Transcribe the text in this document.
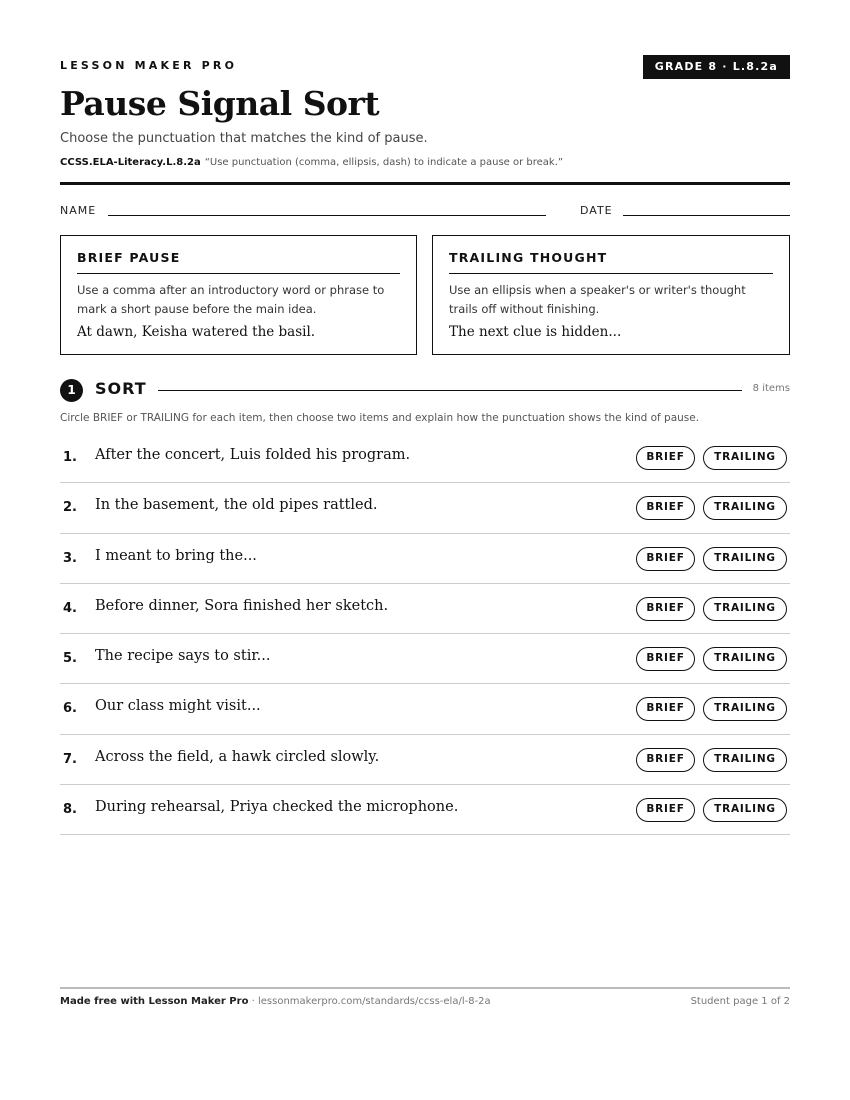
LESSON MAKER PRO	GRADE 8 · L.8.2a
Pause Signal Sort
Choose the punctuation that matches the kind of pause.
CCSS.ELA-Literacy.L.8.2a “Use punctuation (comma, ellipsis, dash) to indicate a pause or break.”
NAME	DATE
BRIEF PAUSE
Use a comma after an introductory word or phrase to mark a short pause before the main idea.
At dawn, Keisha watered the basil.
TRAILING THOUGHT
Use an ellipsis when a speaker's or writer's thought trails off without finishing.
The next clue is hidden...
1	SORT	8 items
Circle BRIEF or TRAILING for each item, then choose two items and explain how the punctuation shows the kind of pause.
1. After the concert, Luis folded his program.	BRIEF	TRAILING
2. In the basement, the old pipes rattled.	BRIEF	TRAILING
3. I meant to bring the...	BRIEF	TRAILING
4. Before dinner, Sora finished her sketch.	BRIEF	TRAILING
5. The recipe says to stir...	BRIEF	TRAILING
6. Our class might visit...	BRIEF	TRAILING
7. Across the field, a hawk circled slowly.	BRIEF	TRAILING
8. During rehearsal, Priya checked the microphone.	BRIEF	TRAILING
Made free with Lesson Maker Pro · lessonmakerpro.com/standards/ccss-ela/l-8-2a	Student page 1 of 2
